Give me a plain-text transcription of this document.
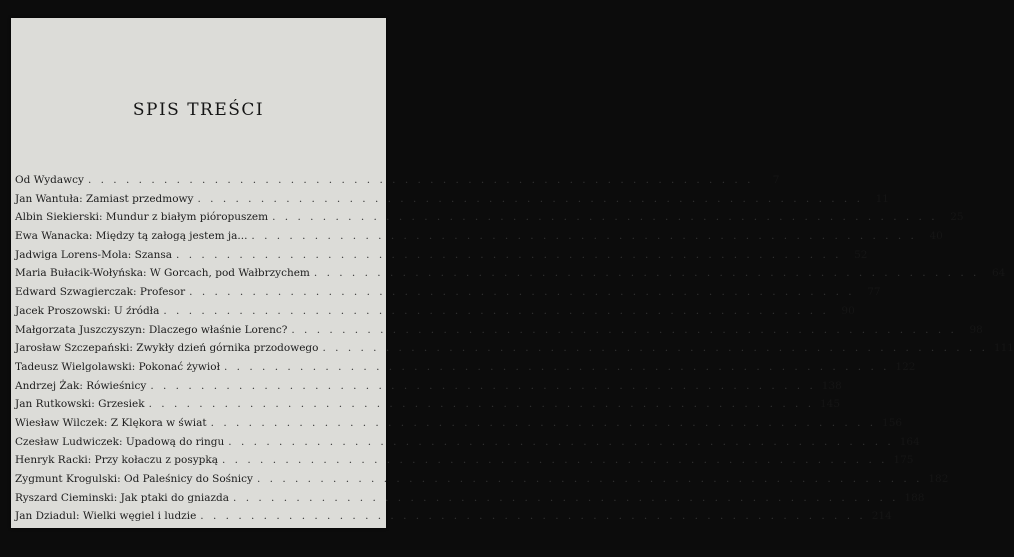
SPIS TREŚCI
Od Wydawcy . . .	7
Jan Wantuła: Zamiast przedmowy . . .	11
Albin Siekierski: Mundur z białym pióropuszem . . .	25
Ewa Wanacka: Między tą załogą jestem ja... . . .	40
Jadwiga Lorens-Mola: Szansa . . .	52
Maria Bułacik-Wołyńska: W Gorcach, pod Wałbrzychem . . .	64
Edward Szwagierczak: Profesor . . .	77
Jacek Proszowski: U źródła . . .	90
Małgorzata Juszczyszyn: Dlaczego właśnie Lorenc? . . .	98
Jarosław Szczepański: Zwykły dzień górnika przodowego . . .	111
Tadeusz Wielgolawski: Pokonać żywioł . . .	122
Andrzej Żak: Rówieśnicy . . .	138
Jan Rutkowski: Grzesiek . . .	145
Wiesław Wilczek: Z Klękora w świat . . .	156
Czesław Ludwiczek: Upadową do ringu . . .	164
Henryk Racki: Przy kołaczu z posypką . . .	175
Zygmunt Krogulski: Od Paleśnicy do Sośnicy . . .	182
Ryszard Cieminski: Jak ptaki do gniazda . . .	188
Jan Dziadul: Wielki węgiel i ludzie . . .	214
